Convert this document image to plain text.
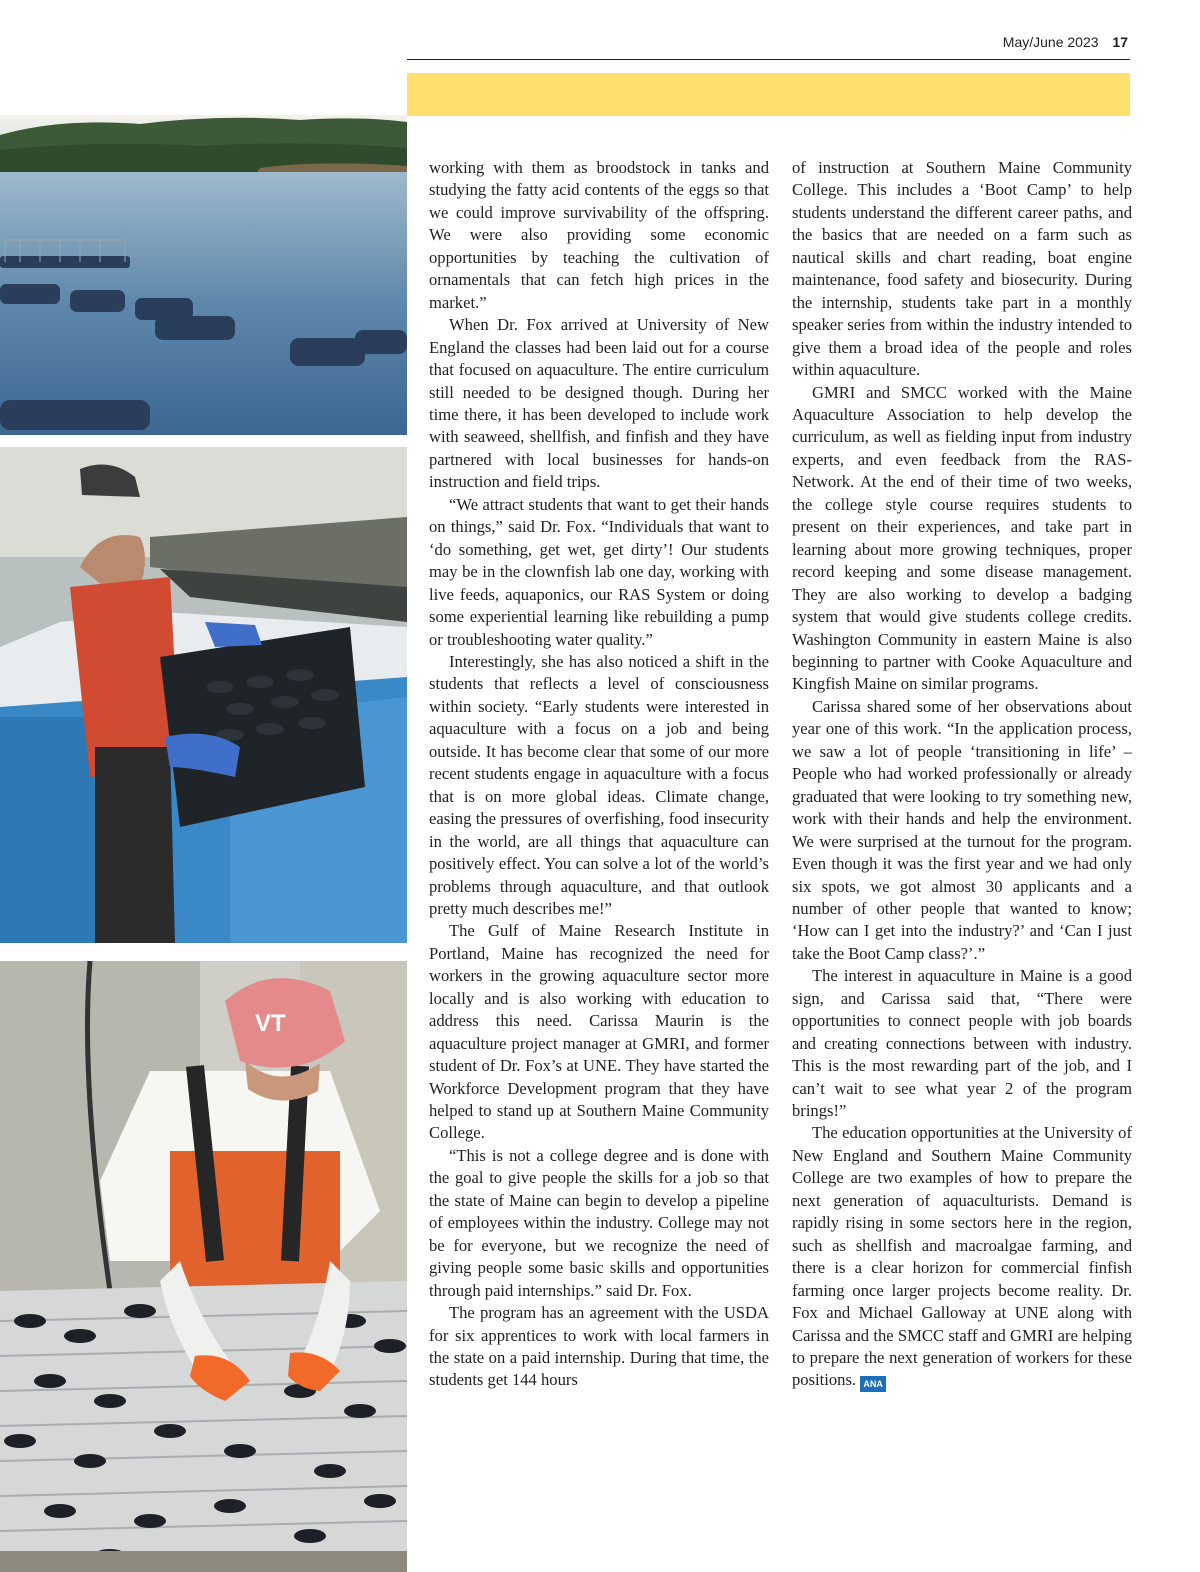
May/June 2023 17
VT

working with them as broodstock in tanks and studying the fatty acid contents of the eggs so that we could improve survivability of the offspring. We were also providing some economic opportunities by teaching the cultivation of ornamentals that can fetch high prices in the market.”

When Dr. Fox arrived at University of New England the classes had been laid out for a course that focused on aquaculture. The entire curriculum still needed to be designed though. During her time there, it has been developed to include work with seaweed, shellfish, and finfish and they have partnered with local businesses for hands-on instruction and field trips.

“We attract students that want to get their hands on things,” said Dr. Fox. “Individuals that want to ‘do something, get wet, get dirty’! Our students may be in the clownfish lab one day, working with live feeds, aquaponics, our RAS System or doing some experiential learning like rebuilding a pump or troubleshooting water quality.”

Interestingly, she has also noticed a shift in the students that reflects a level of consciousness within society. “Early students were interested in aquaculture with a focus on a job and being outside. It has become clear that some of our more recent students engage in aquaculture with a focus that is on more global ideas. Climate change, easing the pressures of overfishing, food insecurity in the world, are all things that aquaculture can positively effect. You can solve a lot of the world’s problems through aquaculture, and that outlook pretty much describes me!”

The Gulf of Maine Research Institute in Portland, Maine has recognized the need for workers in the growing aquaculture sector more locally and is also working with education to address this need. Carissa Maurin is the aquaculture project manager at GMRI, and former student of Dr. Fox’s at UNE. They have started the Workforce Development program that they have helped to stand up at Southern Maine Community College.

“This is not a college degree and is done with the goal to give people the skills for a job so that the state of Maine can begin to develop a pipeline of employees within the industry. College may not be for everyone, but we recognize the need of giving people some basic skills and opportunities through paid internships.” said Dr. Fox.

The program has an agreement with the USDA for six apprentices to work with local farmers in the state on a paid internship. During that time, the students get 144 hours

of instruction at Southern Maine Community College. This includes a ‘Boot Camp’ to help students understand the different career paths, and the basics that are needed on a farm such as nautical skills and chart reading, boat engine maintenance, food safety and biosecurity. During the internship, students take part in a monthly speaker series from within the industry intended to give them a broad idea of the people and roles within aquaculture.

GMRI and SMCC worked with the Maine Aquaculture Association to help develop the curriculum, as well as fielding input from industry experts, and even feedback from the RAS-Network. At the end of their time of two weeks, the college style course requires students to present on their experiences, and take part in learning about more growing techniques, proper record keeping and some disease management. They are also working to develop a badging system that would give students college credits. Washington Community in eastern Maine is also beginning to partner with Cooke Aquaculture and Kingfish Maine on similar programs.

Carissa shared some of her observations about year one of this work. “In the application process, we saw a lot of people ‘transitioning in life’ – People who had worked professionally or already graduated that were looking to try something new, work with their hands and help the environment. We were surprised at the turnout for the program. Even though it was the first year and we had only six spots, we got almost 30 applicants and a number of other people that wanted to know; ‘How can I get into the industry?’ and ‘Can I just take the Boot Camp class?’.”

The interest in aquaculture in Maine is a good sign, and Carissa said that, “There were opportunities to connect people with job boards and creating connections between with industry. This is the most rewarding part of the job, and I can’t wait to see what year 2 of the program brings!”

The education opportunities at the University of New England and Southern Maine Community College are two examples of how to prepare the next generation of aquaculturists. Demand is rapidly rising in some sectors here in the region, such as shellfish and macroalgae farming, and there is a clear horizon for commercial finfish farming once larger projects become reality. Dr. Fox and Michael Galloway at UNE along with Carissa and the SMCC staff and GMRI are helping to prepare the next generation of workers for these positions. ANA
